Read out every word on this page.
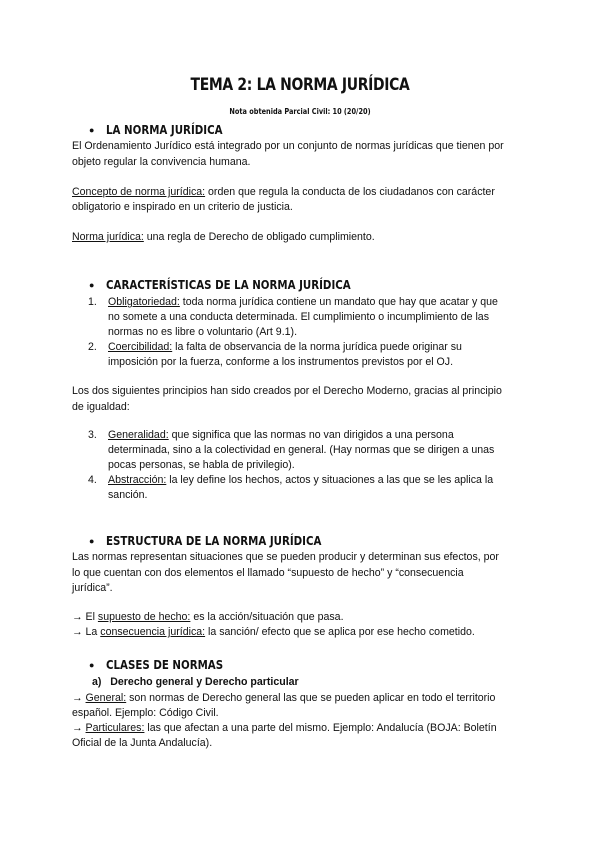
TEMA 2: LA NORMA JURÍDICA
Nota obtenida Parcial Civil: 10 (20/20)
● LA NORMA JURÍDICA
El Ordenamiento Jurídico está integrado por un conjunto de normas jurídicas que tienen por
objeto regular la convivencia humana.
Concepto de norma jurídica: orden que regula la conducta de los ciudadanos con carácter
obligatorio e inspirado en un criterio de justicia.
Norma jurídica: una regla de Derecho de obligado cumplimiento.
● CARACTERÍSTICAS DE LA NORMA JURÍDICA
1. Obligatoriedad: toda norma jurídica contiene un mandato que hay que acatar y que
no somete a una conducta determinada. El cumplimiento o incumplimiento de las
normas no es libre o voluntario (Art 9.1).
2. Coercibilidad: la falta de observancia de la norma jurídica puede originar su
imposición por la fuerza, conforme a los instrumentos previstos por el OJ.
Los dos siguientes principios han sido creados por el Derecho Moderno, gracias al principio
de igualdad:
3. Generalidad: que significa que las normas no van dirigidos a una persona
determinada, sino a la colectividad en general. (Hay normas que se dirigen a unas
pocas personas, se habla de privilegio).
4. Abstracción: la ley define los hechos, actos y situaciones a las que se les aplica la
sanción.
● ESTRUCTURA DE LA NORMA JURÍDICA
Las normas representan situaciones que se pueden producir y determinan sus efectos, por
lo que cuentan con dos elementos el llamado “supuesto de hecho” y “consecuencia
jurídica”.
→ El supuesto de hecho: es la acción/situación que pasa.
→ La consecuencia jurídica: la sanción/ efecto que se aplica por ese hecho cometido.
● CLASES DE NORMAS
a) Derecho general y Derecho particular
→ General: son normas de Derecho general las que se pueden aplicar en todo el territorio
español. Ejemplo: Código Civil.
→ Particulares: las que afectan a una parte del mismo. Ejemplo: Andalucía (BOJA: Boletín
Oficial de la Junta Andalucía).
